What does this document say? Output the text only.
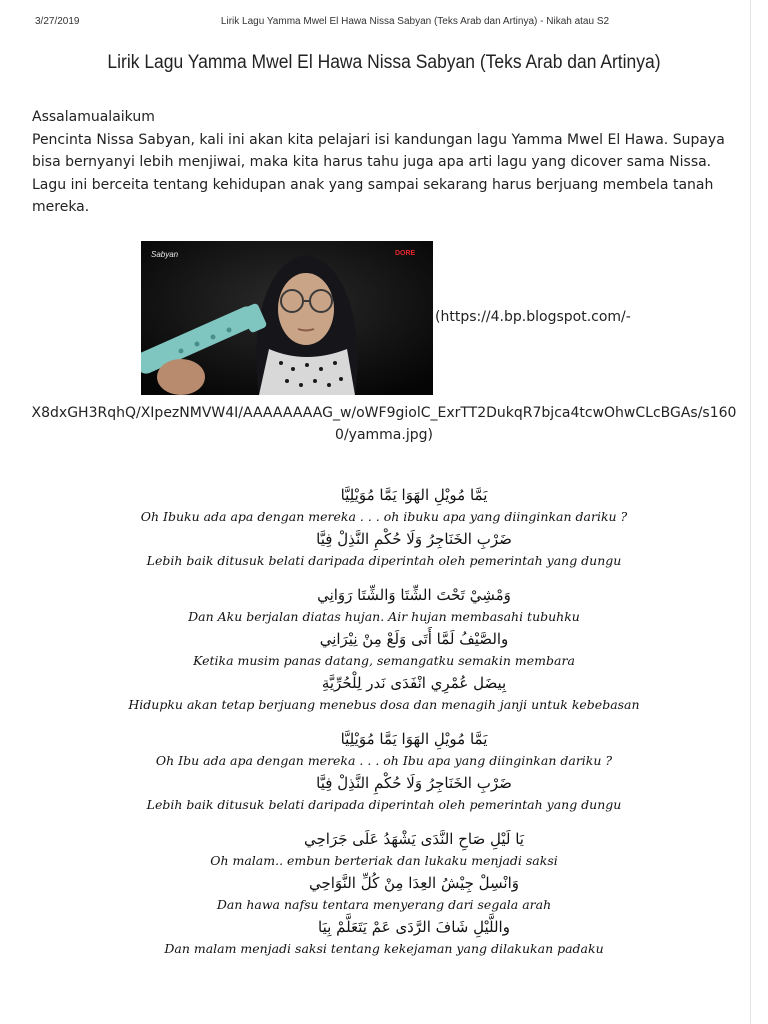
3/27/2019	Lirik Lagu Yamma Mwel El Hawa Nissa Sabyan (Teks Arab dan Artinya) - Nikah atau S2
Lirik Lagu Yamma Mwel El Hawa Nissa Sabyan (Teks Arab dan Artinya)

Assalamualaikum

Pencinta Nissa Sabyan, kali ini akan kita pelajari isi kandungan lagu Yamma Mwel El Hawa. Supaya bisa bernyanyi lebih menjiwai, maka kita harus tahu juga apa arti lagu yang dicover sama Nissa. Lagu ini berceita tentang kehidupan anak yang sampai sekarang harus berjuang membela tanah mereka.

Sabyan	DORE
(https://4.bp.blogspot.com/-
X8dxGH3RqhQ/XIpezNMVW4I/AAAAAAAAG_w/oWF9giolC_ExrTT2DukqR7bjca4tcwOhwCLcBGAs/s1600/yamma.jpg)
يَمَّا مُويْلِ الهَوَا يَمَّا مُوَيْلِيَّا
Oh Ibuku ada apa dengan mereka . . . oh ibuku apa yang diinginkan dariku ?
ضَرْبِ الخَنَاجِرُ وَلَا حُكْمِ النَّذِلْ فِيَّا
Lebih baik ditusuk belati daripada diperintah oleh pemerintah yang dungu
وَمْشِيْ تَحْتَ الشِّتَا وَالشِّتَا رَوَانِي
Dan Aku berjalan diatas hujan. Air hujan membasahi tubuhku
والصَّيْفُ لَمَّا أَتَى وَلَعْ مِنْ نِيْرَانِي
Ketika musim panas datang, semangatku semakin membara
بِيضَل عُمْرِي انْفَدَى نَدر لِلْحُرِّيَّةِ
Hidupku akan tetap berjuang menebus dosa dan menagih janji untuk kebebasan
يَمَّا مُويْلِ الهَوَا يَمَّا مُوَيْلِيَّا
Oh Ibu ada apa dengan mereka . . . oh Ibu apa yang diinginkan dariku ?
ضَرْبِ الخَنَاجِرُ وَلَا حُكْمِ النَّذِلْ فِيَّا
Lebih baik ditusuk belati daripada diperintah oleh pemerintah yang dungu
يَا لَيْلِ صَاحِ النَّدَى يَشْهَدُ عَلَى جَرَاحِي
Oh malam.. embun berteriak dan lukaku menjadi saksi
وَانْسِلْ جِيْشُ العِدَا مِنْ كُلِّ النَّوَاحِي
Dan hawa nafsu tentara menyerang dari segala arah
واللَّيْلِ شَافَ الرَّدَى عَمْ يَتَعَلَّمْ بِيَا
Dan malam menjadi saksi tentang kekejaman yang dilakukan padaku
